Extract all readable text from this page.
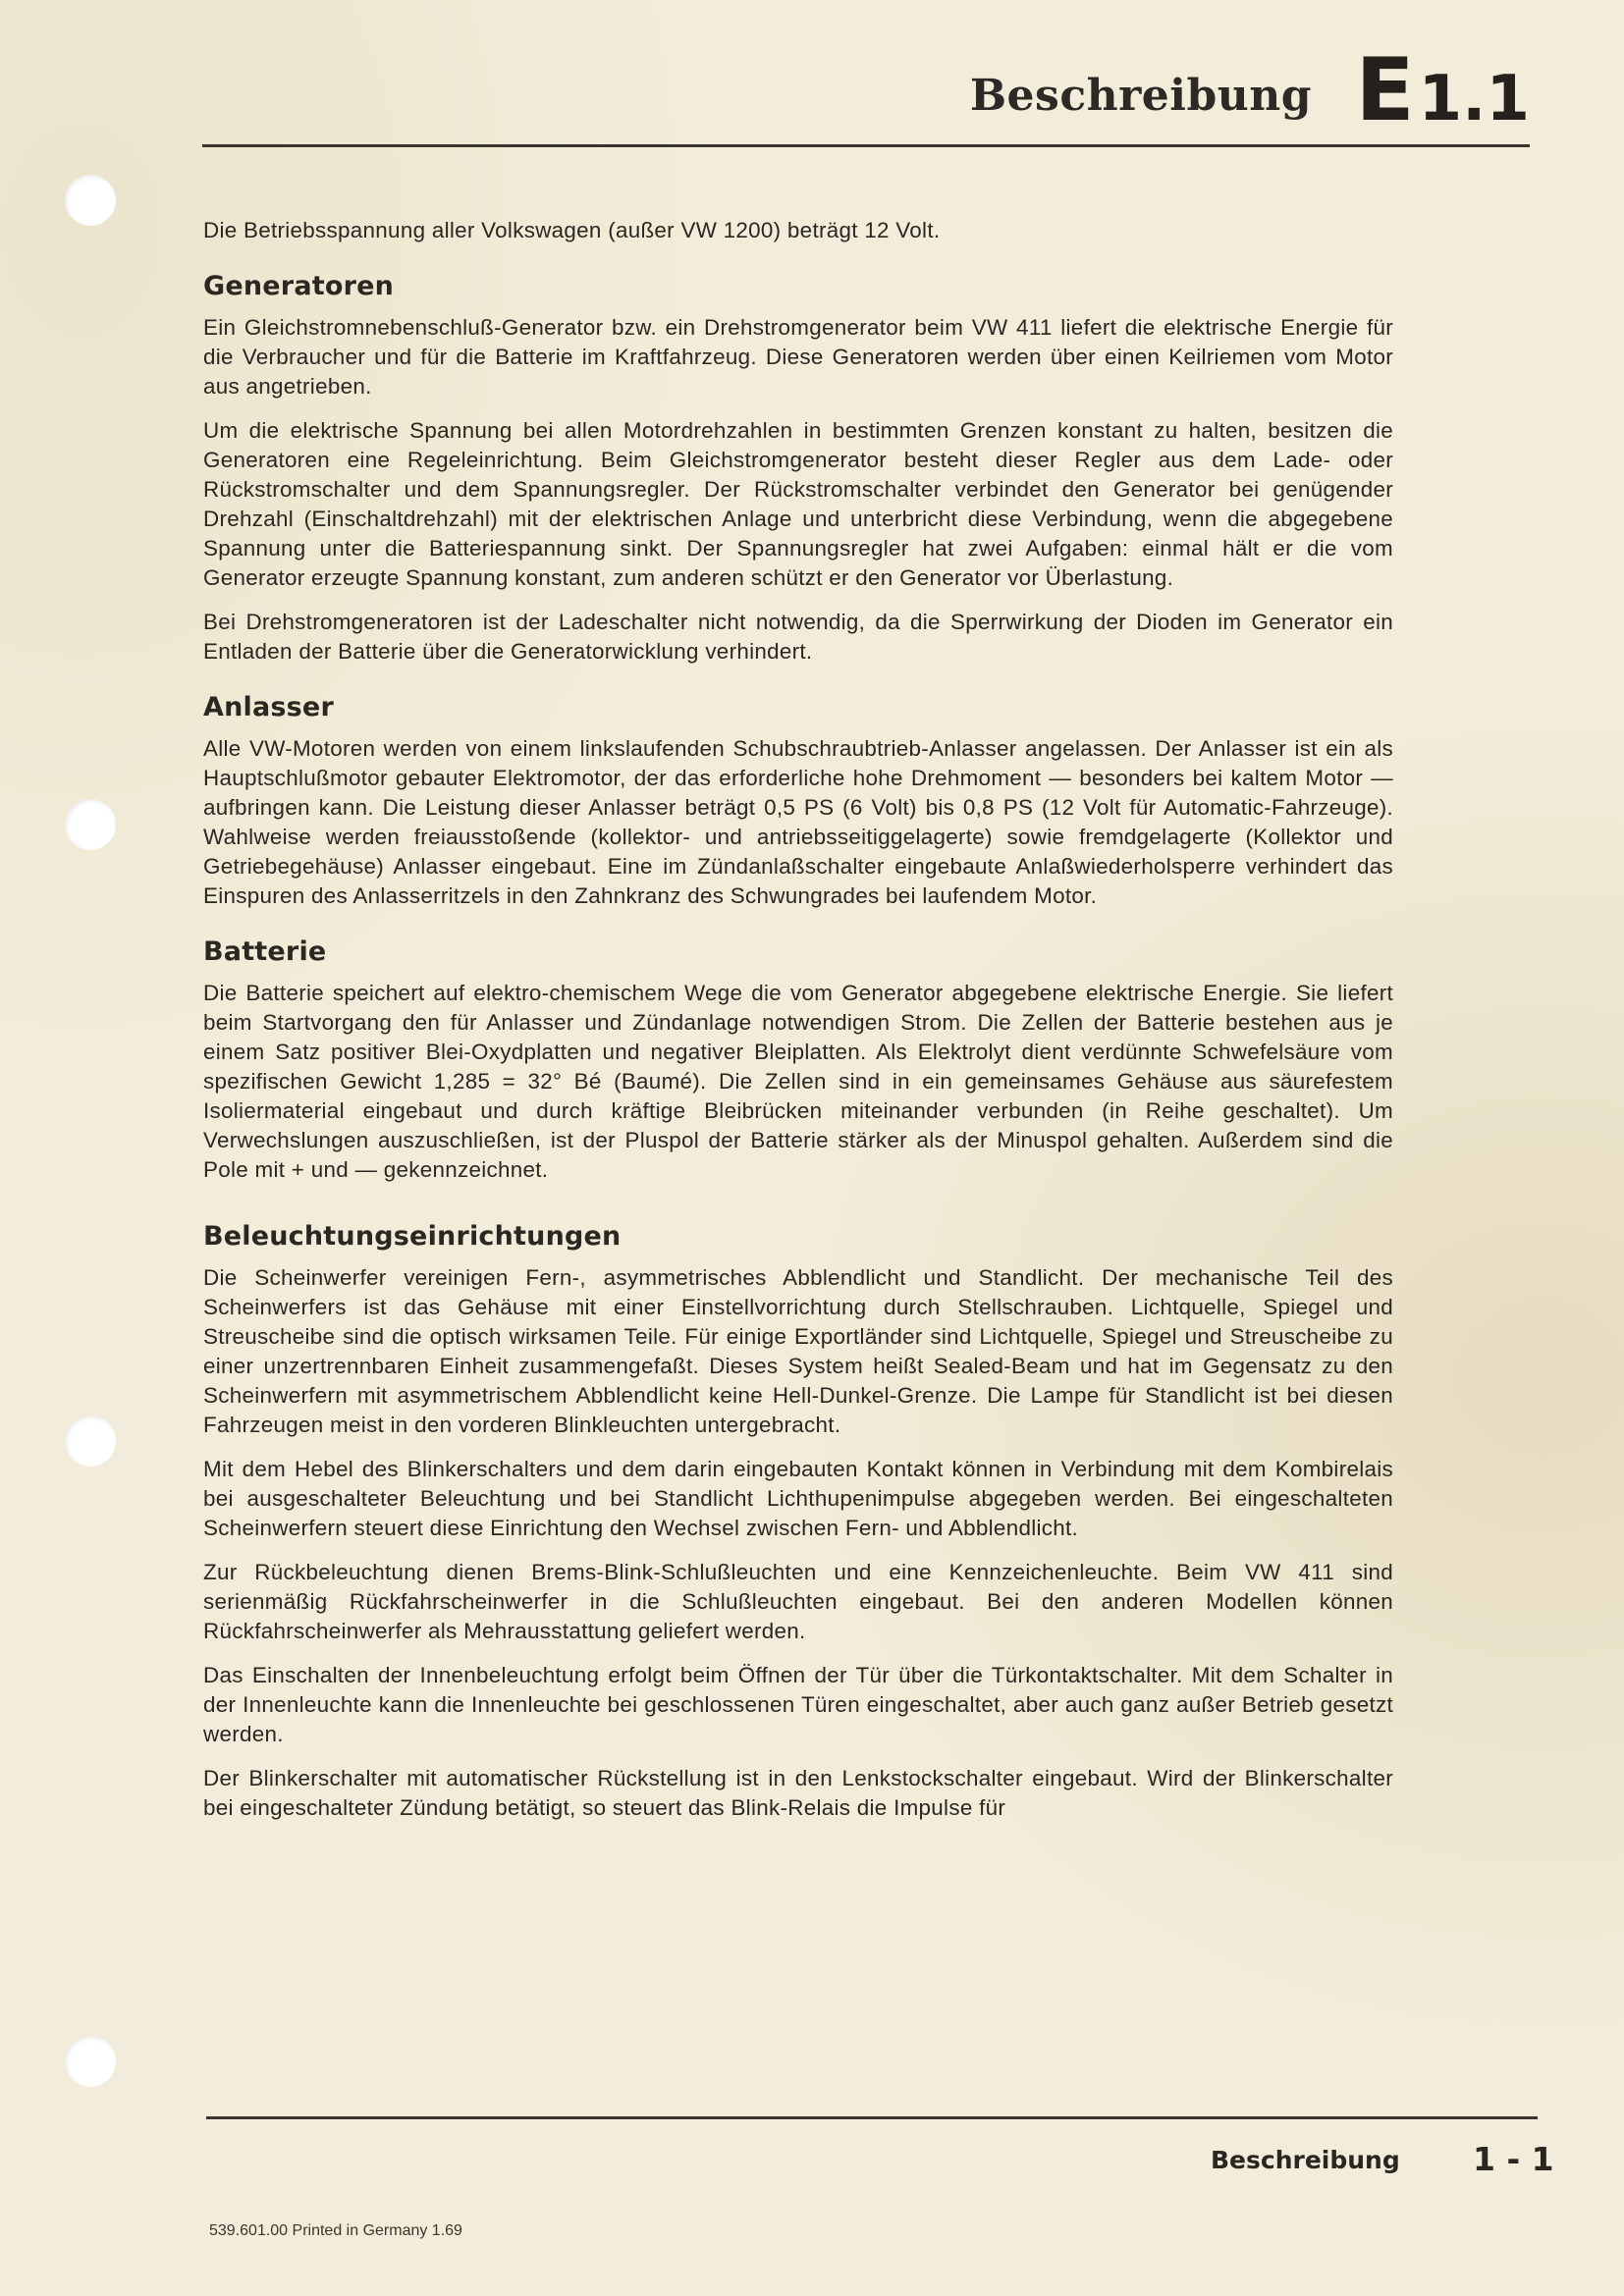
Beschreibung E1.1

Die Betriebsspannung aller Volkswagen (außer VW 1200) beträgt 12 Volt.

Generatoren

Ein Gleichstromnebenschluß-Generator bzw. ein Drehstromgenerator beim VW 411 liefert die elektrische Energie für die Verbraucher und für die Batterie im Kraftfahrzeug. Diese Generatoren werden über einen Keilriemen vom Motor aus angetrieben.

Um die elektrische Spannung bei allen Motordrehzahlen in bestimmten Grenzen konstant zu halten, besitzen die Generatoren eine Regeleinrichtung. Beim Gleichstromgenerator besteht dieser Regler aus dem Lade- oder Rückstromschalter und dem Spannungsregler. Der Rückstromschalter verbindet den Generator bei genügender Drehzahl (Einschaltdrehzahl) mit der elektrischen Anlage und unterbricht diese Verbindung, wenn die abgegebene Spannung unter die Batteriespannung sinkt. Der Spannungsregler hat zwei Aufgaben: einmal hält er die vom Generator erzeugte Spannung konstant, zum anderen schützt er den Generator vor Überlastung.

Bei Drehstromgeneratoren ist der Ladeschalter nicht notwendig, da die Sperrwirkung der Dioden im Generator ein Entladen der Batterie über die Generatorwicklung verhindert.

Anlasser

Alle VW-Motoren werden von einem linkslaufenden Schubschraubtrieb-Anlasser angelassen. Der Anlasser ist ein als Hauptschlußmotor gebauter Elektromotor, der das erforderliche hohe Drehmoment — besonders bei kaltem Motor — aufbringen kann. Die Leistung dieser Anlasser beträgt 0,5 PS (6 Volt) bis 0,8 PS (12 Volt für Automatic-Fahrzeuge). Wahlweise werden freiausstoßende (kollektor- und antriebsseitiggelagerte) sowie fremdgelagerte (Kollektor und Getriebegehäuse) Anlasser eingebaut. Eine im Zündanlaßschalter eingebaute Anlaßwiederholsperre verhindert das Einspuren des Anlasserritzels in den Zahnkranz des Schwungrades bei laufendem Motor.

Batterie

Die Batterie speichert auf elektro-chemischem Wege die vom Generator abgegebene elektrische Energie. Sie liefert beim Startvorgang den für Anlasser und Zündanlage notwendigen Strom. Die Zellen der Batterie bestehen aus je einem Satz positiver Blei-Oxydplatten und negativer Bleiplatten. Als Elektrolyt dient verdünnte Schwefelsäure vom spezifischen Gewicht 1,285 = 32° Bé (Baumé). Die Zellen sind in ein gemeinsames Gehäuse aus säurefestem Isoliermaterial eingebaut und durch kräftige Bleibrücken miteinander verbunden (in Reihe geschaltet). Um Verwechslungen auszuschließen, ist der Pluspol der Batterie stärker als der Minuspol gehalten. Außerdem sind die Pole mit + und — gekennzeichnet.

Beleuchtungseinrichtungen

Die Scheinwerfer vereinigen Fern-, asymmetrisches Abblendlicht und Standlicht. Der mechanische Teil des Scheinwerfers ist das Gehäuse mit einer Einstellvorrichtung durch Stellschrauben. Lichtquelle, Spiegel und Streuscheibe sind die optisch wirksamen Teile. Für einige Exportländer sind Lichtquelle, Spiegel und Streuscheibe zu einer unzertrennbaren Einheit zusammengefaßt. Dieses System heißt Sealed-Beam und hat im Gegensatz zu den Scheinwerfern mit asymmetrischem Abblendlicht keine Hell-Dunkel-Grenze. Die Lampe für Standlicht ist bei diesen Fahrzeugen meist in den vorderen Blinkleuchten untergebracht.

Mit dem Hebel des Blinkerschalters und dem darin eingebauten Kontakt können in Verbindung mit dem Kombirelais bei ausgeschalteter Beleuchtung und bei Standlicht Lichthupenimpulse abgegeben werden. Bei eingeschalteten Scheinwerfern steuert diese Einrichtung den Wechsel zwischen Fern- und Abblendlicht.

Zur Rückbeleuchtung dienen Brems-Blink-Schlußleuchten und eine Kennzeichenleuchte. Beim VW 411 sind serienmäßig Rückfahrscheinwerfer in die Schlußleuchten eingebaut. Bei den anderen Modellen können Rückfahrscheinwerfer als Mehrausstattung geliefert werden.

Das Einschalten der Innenbeleuchtung erfolgt beim Öffnen der Tür über die Türkontaktschalter. Mit dem Schalter in der Innenleuchte kann die Innenleuchte bei geschlossenen Türen eingeschaltet, aber auch ganz außer Betrieb gesetzt werden.

Der Blinkerschalter mit automatischer Rückstellung ist in den Lenkstockschalter eingebaut. Wird der Blinkerschalter bei eingeschalteter Zündung betätigt, so steuert das Blink-Relais die Impulse für

Beschreibung 1 - 1
539.601.00 Printed in Germany 1.69
